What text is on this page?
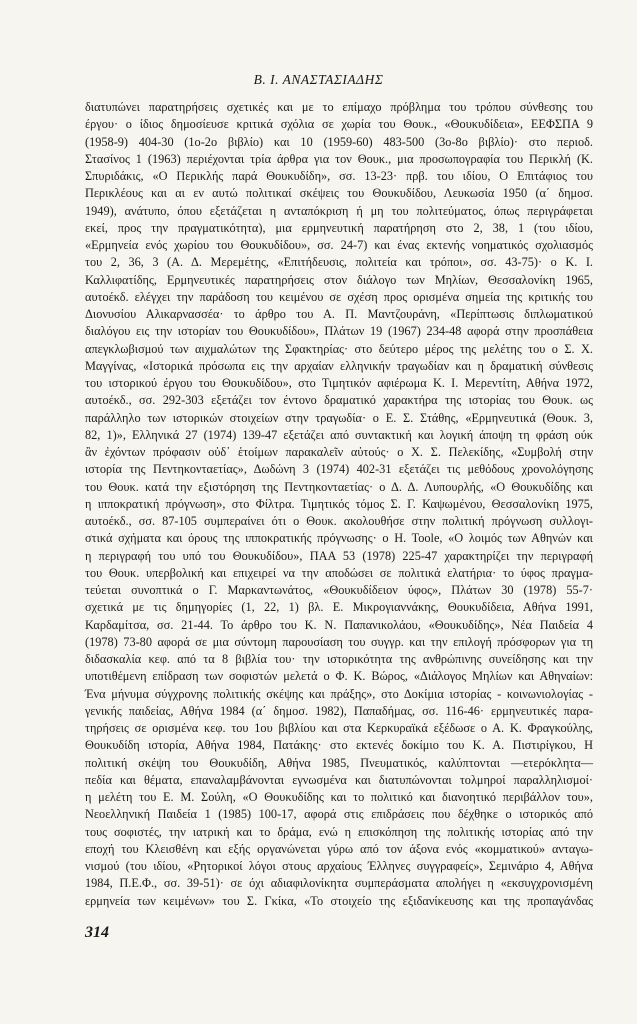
Β. Ι. ΑΝΑΣΤΑΣΙΑΔΗΣ
διατυπώνει παρατηρήσεις σχετικές και με το επίμαχο πρόβλημα του τρόπου σύνθεσης του
έργου· ο ίδιος δημοσίευσε κριτικά σχόλια σε χωρία του Θουκ., «Θουκυδίδεια», ΕΕΦΣΠΑ 9
(1958-9) 404-30 (1ο-2ο βιβλίο) και 10 (1959-60) 483-500 (3ο-8ο βιβλίο)· στο περιοδ.
Στασίνος 1 (1963) περιέχονται τρία άρθρα για τον Θουκ., μια προσωπογραφία του Περικλή (Κ.
Σπυριδάκις, «Ο Περικλής παρά Θουκυδίδη», σσ. 13-23· πρβ. του ιδίου, Ο Επιτάφιος του
Περικλέους και αι εν αυτώ πολιτικαί σκέψεις του Θουκυδίδου, Λευκωσία 1950 (α΄ δημοσ.
1949), ανάτυπο, όπου εξετάζεται η ανταπόκριση ή μη του πολιτεύματος, όπως περιγράφεται
εκεί, προς την πραγματικότητα), μια ερμηνευτική παρατήρηση στο 2, 38, 1 (του ιδίου,
«Ερμηνεία ενός χωρίου του Θουκυδίδου», σσ. 24-7) και ένας εκτενής νοηματικός σχολιασμός
του 2, 36, 3 (Α. Δ. Μερεμέτης, «Επιτήδευσις, πολιτεία και τρόποι», σσ. 43-75)· ο Κ. Ι.
Καλλιφατίδης, Ερμηνευτικές παρατηρήσεις στον διάλογο των Μηλίων, Θεσσαλονίκη 1965,
αυτοέκδ. ελέγχει την παράδοση του κειμένου σε σχέση προς ορισμένα σημεία της κριτικής του
Διονυσίου Αλικαρνασσέα· το άρθρο του Α. Π. Μαντζουράνη, «Περίπτωσις διπλωματικού
διαλόγου εις την ιστορίαν του Θουκυδίδου», Πλάτων 19 (1967) 234-48 αφορά στην προσπάθεια
απεγκλωβισμού των αιχμαλώτων της Σφακτηρίας· στο δεύτερο μέρος της μελέτης του ο Σ. Χ.
Μαγγίνας, «Ιστορικά πρόσωπα εις την αρχαίαν ελληνικήν τραγωδίαν και η δραματική σύνθεσις
του ιστορικού έργου του Θουκυδίδου», στο Τιμητικόν αφιέρωμα Κ. Ι. Μερεντίτη, Αθήνα 1972,
αυτοέκδ., σσ. 292-303 εξετάζει τον έντονο δραματικό χαρακτήρα της ιστορίας του Θουκ. ως
παράλληλο των ιστορικών στοιχείων στην τραγωδία· ο Ε. Σ. Στάθης, «Ερμηνευτικά (Θουκ. 3,
82, 1)», Ελληνικά 27 (1974) 139-47 εξετάζει από συντακτική και λογική άποψη τη φράση ούκ
ἂν ἐχόντων πρόφασιν οὐδ᾽ ἑτοίμων παρακαλεῖν αὐτούς· ο Χ. Σ. Πελεκίδης, «Συμβολή στην
ιστορία της Πεντηκονταετίας», Δωδώνη 3 (1974) 402-31 εξετάζει τις μεθόδους χρονολόγησης
του Θουκ. κατά την εξιστόρηση της Πεντηκονταετίας· ο Δ. Δ. Λυπουρλής, «Ο Θουκυδίδης και
η ιπποκρατική πρόγνωση», στο Φίλτρα. Τιμητικός τόμος Σ. Γ. Καψωμένου, Θεσσαλονίκη 1975,
αυτοέκδ., σσ. 87-105 συμπεραίνει ότι ο Θουκ. ακολουθήσε στην πολιτική πρόγνωση συλλογι-
στικά σχήματα και όρους της ιπποκρατικής πρόγνωσης· ο H. Toole, «Ο λοιμός των Αθηνών και
η περιγραφή του υπό του Θουκυδίδου», ΠΑΑ 53 (1978) 225-47 χαρακτηρίζει την περιγραφή
του Θουκ. υπερβολική και επιχειρεί να την αποδώσει σε πολιτικά ελατήρια· το ύφος πραγμα-
τεύεται συνοπτικά ο Γ. Μαρκαντωνάτος, «Θουκυδίδειον ύφος», Πλάτων 30 (1978) 55-7·
σχετικά με τις δημηγορίες (1, 22, 1) βλ. Ε. Μικρογιαννάκης, Θουκυδίδεια, Αθήνα 1991,
Καρδαμίτσα, σσ. 21-44. Το άρθρο του Κ. Ν. Παπανικολάου, «Θουκυδίδης», Νέα Παιδεία 4
(1978) 73-80 αφορά σε μια σύντομη παρουσίαση του συγγρ. και την επιλογή πρόσφορων για τη
διδασκαλία κεφ. από τα 8 βιβλία του· την ιστορικότητα της ανθρώπινης συνείδησης και την
υποτιθέμενη επίδραση των σοφιστών μελετά ο Φ. Κ. Βώρος, «Διάλογος Μηλίων και Αθηναίων:
Ένα μήνυμα σύγχρονης πολιτικής σκέψης και πράξης», στο Δοκίμια ιστορίας - κοινωνιολογίας -
γενικής παιδείας, Αθήνα 1984 (α΄ δημοσ. 1982), Παπαδήμας, σσ. 116-46· ερμηνευτικές παρα-
τηρήσεις σε ορισμένα κεφ. του 1ου βιβλίου και στα Κερκυραϊκά εξέδωσε ο Α. Κ. Φραγκούλης,
Θουκυδίδη ιστορία, Αθήνα 1984, Πατάκης· στο εκτενές δοκίμιο του Κ. Α. Πιστιρίγκου, Η
πολιτική σκέψη του Θουκυδίδη, Αθήνα 1985, Πνευματικός, καλύπτονται —ετερόκλητα—
πεδία και θέματα, επαναλαμβάνονται εγνωσμένα και διατυπώνονται τολμηροί παραλληλισμοί·
η μελέτη του Ε. Μ. Σούλη, «Ο Θουκυδίδης και το πολιτικό και διανοητικό περιβάλλον του»,
Νεοελληνική Παιδεία 1 (1985) 100-17, αφορά στις επιδράσεις που δέχθηκε ο ιστορικός από
τους σοφιστές, την ιατρική και το δράμα, ενώ η επισκόπηση της πολιτικής ιστορίας από την
εποχή του Κλεισθένη και εξής οργανώνεται γύρω από τον άξονα ενός «κομματικού» ανταγω-
νισμού (του ιδίου, «Ρητορικοί λόγοι στους αρχαίους Έλληνες συγγραφείς», Σεμινάριο 4, Αθήνα
1984, Π.Ε.Φ., σσ. 39-51)· σε όχι αδιαφιλονίκητα συμπεράσματα απολήγει η «εκσυγχρονισμένη
ερμηνεία των κειμένων» του Σ. Γκίκα, «Το στοιχείο της εξιδανίκευσης και της προπαγάνδας
314
